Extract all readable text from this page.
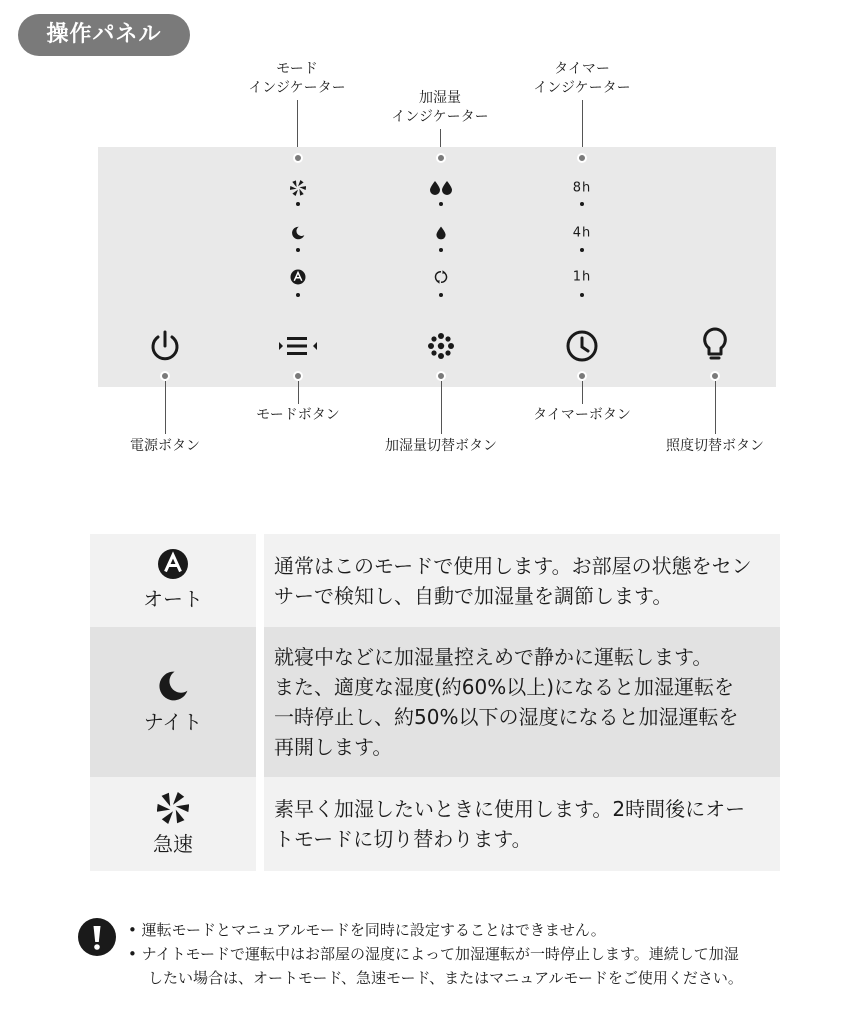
操作パネル
モード
インジケーター
加湿量
インジケーター
タイマー
インジケーター
8h
4h
1h
モードボタン	タイマーボタン
電源ボタン	加湿量切替ボタン	照度切替ボタン
オート
通常はこのモードで使用します。お部屋の状態をセン
サーで検知し、自動で加湿量を調節します。
ナイト
就寝中などに加湿量控えめで静かに運転します。
また、適度な湿度(約60%以上)になると加湿運転を
一時停止し、約50%以下の湿度になると加湿運転を
再開します。
急速
素早く加湿したいときに使用します。2時間後にオー
トモードに切り替わります。
• 運転モードとマニュアルモードを同時に設定することはできません。
• ナイトモードで運転中はお部屋の湿度によって加湿運転が一時停止します。連続して加湿
したい場合は、オートモード、急速モード、またはマニュアルモードをご使用ください。
